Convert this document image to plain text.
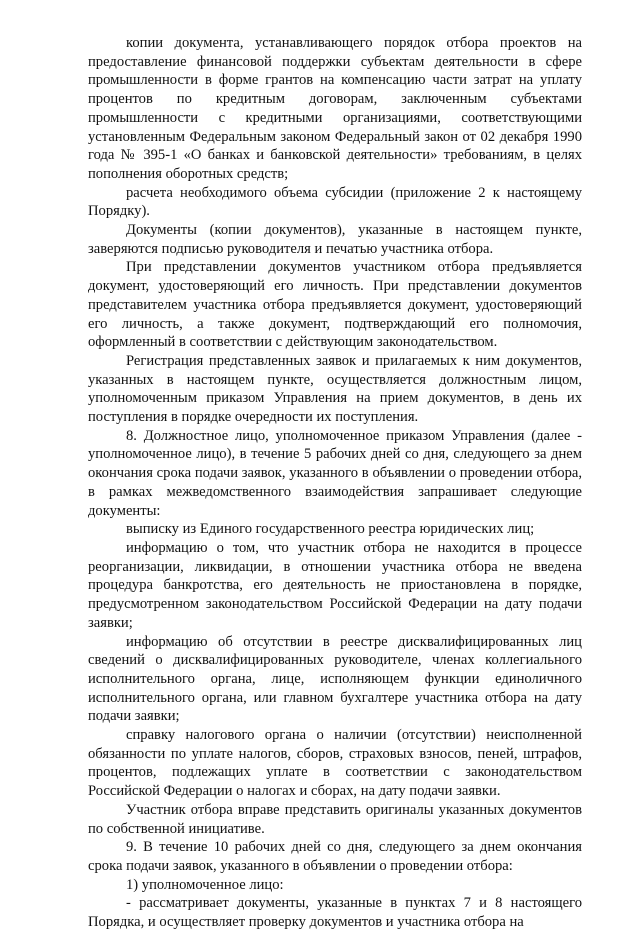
копии документа, устанавливающего порядок отбора проектов на предоставление финансовой поддержки субъектам деятельности в сфере промышленности в форме грантов на компенсацию части затрат на уплату процентов по кредитным договорам, заключенным субъектами промышленности с кредитными организациями, соответствующими установленным Федеральным законом Федеральный закон от 02 декабря 1990 года № 395-1 «О банках и банковской деятельности» требованиям, в целях пополнения оборотных средств;

расчета необходимого объема субсидии (приложение 2 к настоящему Порядку).

Документы (копии документов), указанные в настоящем пункте, заверяются подписью руководителя и печатью участника отбора.

При представлении документов участником отбора предъявляется документ, удостоверяющий его личность. При представлении документов представителем участника отбора предъявляется документ, удостоверяющий его личность, а также документ, подтверждающий его полномочия, оформленный в соответствии с действующим законодательством.

Регистрация представленных заявок и прилагаемых к ним документов, указанных в настоящем пункте, осуществляется должностным лицом, уполномоченным приказом Управления на прием документов, в день их поступления в порядке очередности их поступления.

8. Должностное лицо, уполномоченное приказом Управления (далее - уполномоченное лицо), в течение 5 рабочих дней со дня, следующего за днем окончания срока подачи заявок, указанного в объявлении о проведении отбора, в рамках межведомственного взаимодействия запрашивает следующие документы:

выписку из Единого государственного реестра юридических лиц;

информацию о том, что участник отбора не находится в процессе реорганизации, ликвидации, в отношении участника отбора не введена процедура банкротства, его деятельность не приостановлена в порядке, предусмотренном законодательством Российской Федерации на дату подачи заявки;

информацию об отсутствии в реестре дисквалифицированных лиц сведений о дисквалифицированных руководителе, членах коллегиального исполнительного органа, лице, исполняющем функции единоличного исполнительного органа, или главном бухгалтере участника отбора на дату подачи заявки;

справку налогового органа о наличии (отсутствии) неисполненной обязанности по уплате налогов, сборов, страховых взносов, пеней, штрафов, процентов, подлежащих уплате в соответствии с законодательством Российской Федерации о налогах и сборах, на дату подачи заявки.

Участник отбора вправе представить оригиналы указанных документов по собственной инициативе.

9. В течение 10 рабочих дней со дня, следующего за днем окончания срока подачи заявок, указанного в объявлении о проведении отбора:

1) уполномоченное лицо:

- рассматривает документы, указанные в пунктах 7 и 8 настоящего Порядка, и осуществляет проверку документов и участника отбора на
